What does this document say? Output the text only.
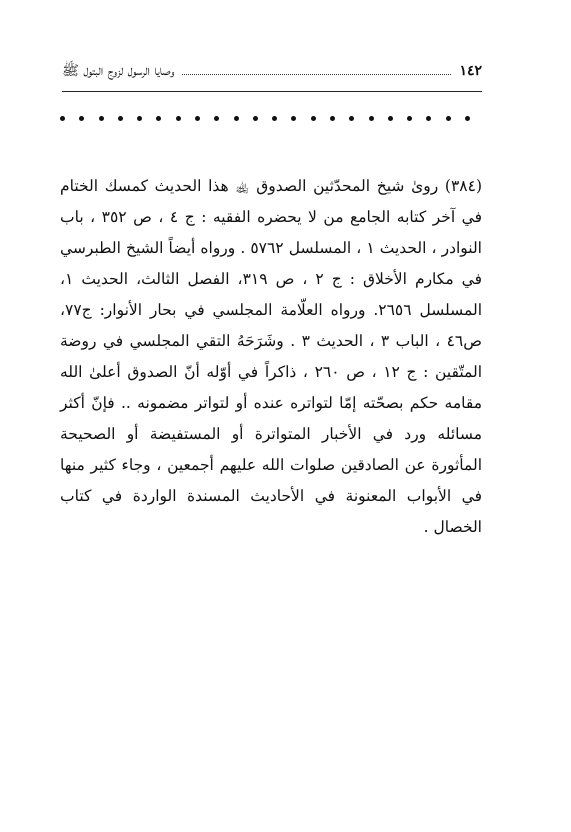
١٤٢
وصايا الرسول لزوج البتول ﷺ

(٣٨٤) روىٰ شيخ المحدّثين الصدوق ﵀ هذا الحديث كمسك الختام في آخر كتابه الجامع من لا يحضره الفقيه : ج ٤ ، ص ٣٥٢ ، باب النوادر ، الحديث ١ ، المسلسل ٥٧٦٢ . ورواه أيضاً الشيخ الطبرسي في مكارم الأخلاق : ج ٢ ، ص ٣١٩، الفصل الثالث، الحديث ١، المسلسل ٢٦٥٦. ورواه العلّامة المجلسي في بحار الأنوار: ج٧٧، ص٤٦ ، الباب ٣ ، الحديث ٣ . وشَرَحَهُ التقي المجلسي في روضة المتّقين : ج ١٢ ، ص ٢٦٠ ، ذاكراً في أوّله أنّ الصدوق أعلىٰ الله مقامه حكم بصحّته إمّا لتواتره عنده أو لتواتر مضمونه .. فإنّ أكثر مسائله ورد في الأخبار المتواترة أو المستفيضة أو الصحيحة المأثورة عن الصادقين صلوات الله عليهم أجمعين ، وجاء كثير منها في الأبواب المعنونة في الأحاديث المسندة الواردة في كتاب الخصال .
